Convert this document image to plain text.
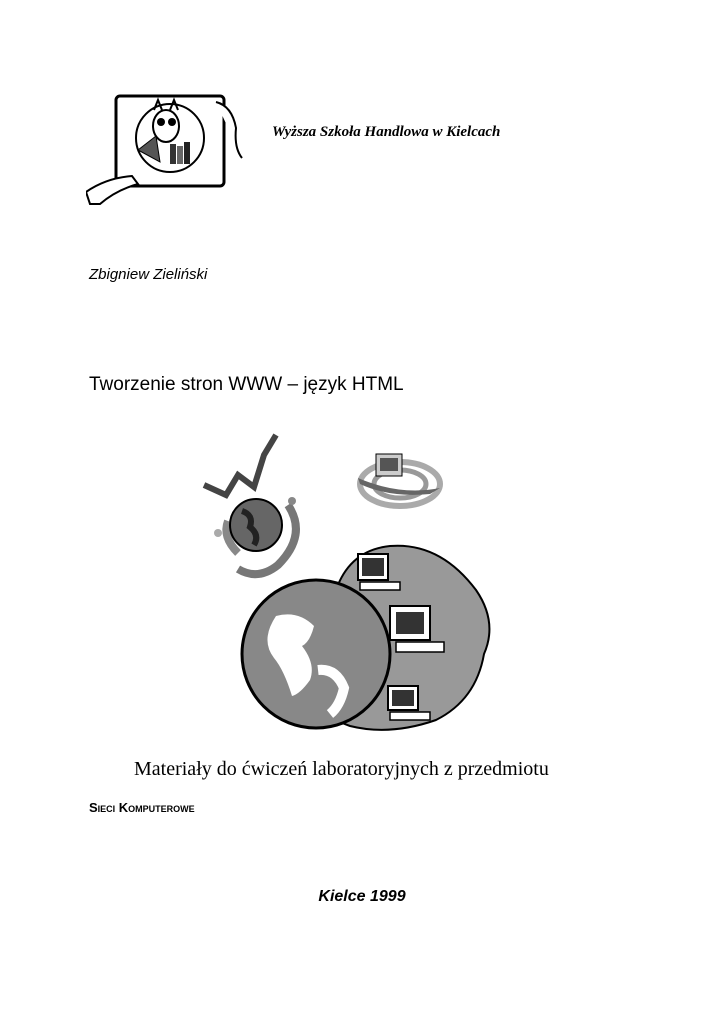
Wyższa Szkoła Handlowa w Kielcach
Zbigniew Zieliński
Tworzenie stron WWW – język HTML
Materiały do ćwiczeń laboratoryjnych z przedmiotu
Sieci Komputerowe
Kielce 1999
